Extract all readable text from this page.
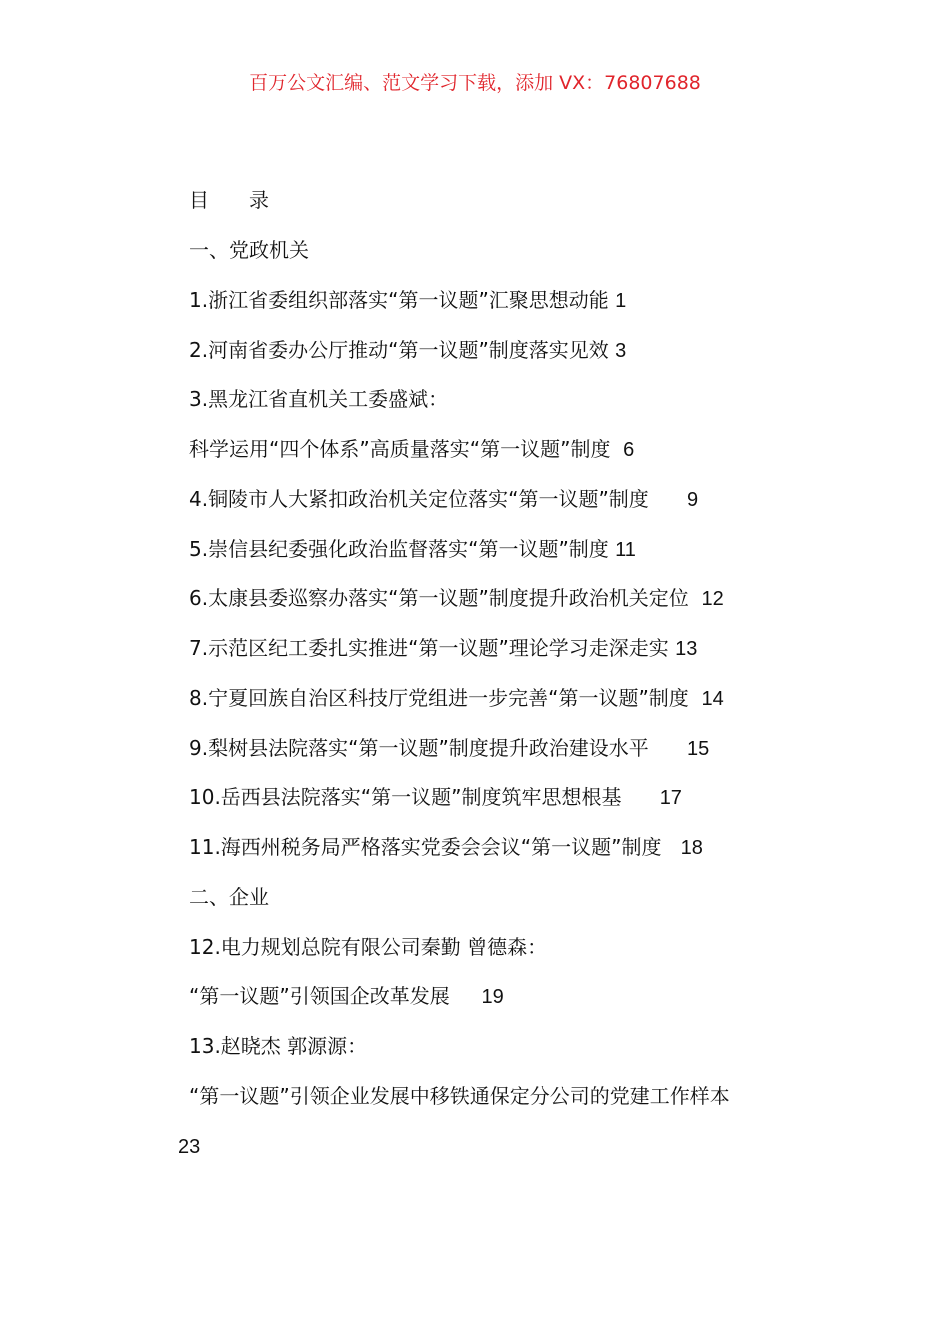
百万公文汇编、范文学习下载，添加 VX：76807688
目　　录
一、党政机关
1.浙江省委组织部落实“第一议题”汇聚思想动能 1
2.河南省委办公厅推动“第一议题”制度落实见效 3
3.黑龙江省直机关工委盛斌：
科学运用“四个体系”高质量落实“第一议题”制度 6
4.铜陵市人大紧扣政治机关定位落实“第一议题”制度 9
5.崇信县纪委强化政治监督落实“第一议题”制度 11
6.太康县委巡察办落实“第一议题”制度提升政治机关定位 12
7.示范区纪工委扎实推进“第一议题”理论学习走深走实 13
8.宁夏回族自治区科技厅党组进一步完善“第一议题”制度 14
9.梨树县法院落实“第一议题”制度提升政治建设水平 15
10.岳西县法院落实“第一议题”制度筑牢思想根基 17
11.海西州税务局严格落实党委会会议“第一议题”制度 18
二、企业
12.电力规划总院有限公司秦勤 曾德森：
“第一议题”引领国企改革发展 19
13.赵晓杰 郭源源：
“第一议题”引领企业发展中移铁通保定分公司的党建工作样本
23
